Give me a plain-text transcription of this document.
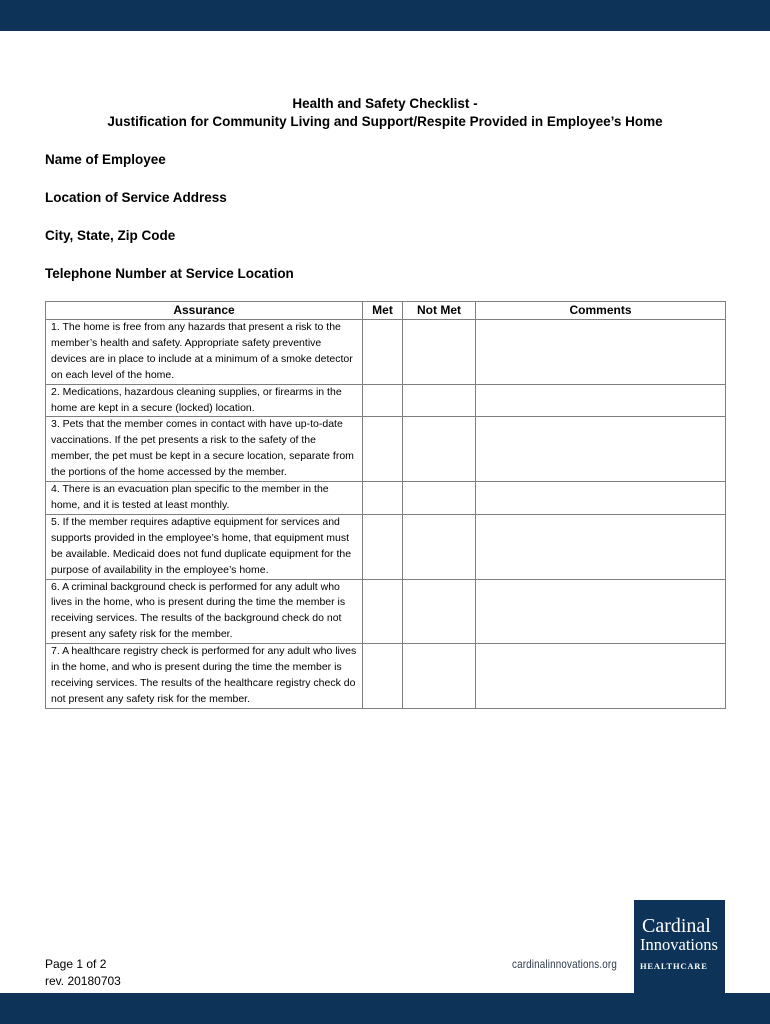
Health and Safety Checklist -
Justification for Community Living and Support/Respite Provided in Employee’s Home
Name of Employee
Location of Service Address
City, State, Zip Code
Telephone Number at Service Location
Assurance	Met	Not Met	Comments
1. The home is free from any hazards that present a risk to the member’s health and safety. Appropriate safety preventive devices are in place to include at a minimum of a smoke detector on each level of the home.			
2. Medications, hazardous cleaning supplies, or firearms in the home are kept in a secure (locked) location.			
3. Pets that the member comes in contact with have up-to-date vaccinations. If the pet presents a risk to the safety of the member, the pet must be kept in a secure location, separate from the portions of the home accessed by the member.			
4. There is an evacuation plan specific to the member in the home, and it is tested at least monthly.			
5. If the member requires adaptive equipment for services and supports provided in the employee’s home, that equipment must be available. Medicaid does not fund duplicate equipment for the purpose of availability in the employee’s home.			
6. A criminal background check is performed for any adult who lives in the home, who is present during the time the member is receiving services. The results of the background check do not present any safety risk for the member.			
7. A healthcare registry check is performed for any adult who lives in the home, and who is present during the time the member is receiving services. The results of the healthcare registry check do not present any safety risk for the member.			
Page 1 of 2
rev. 20180703
cardinalinnovations.org
Cardinal
Innovations
HEALTHCARE
